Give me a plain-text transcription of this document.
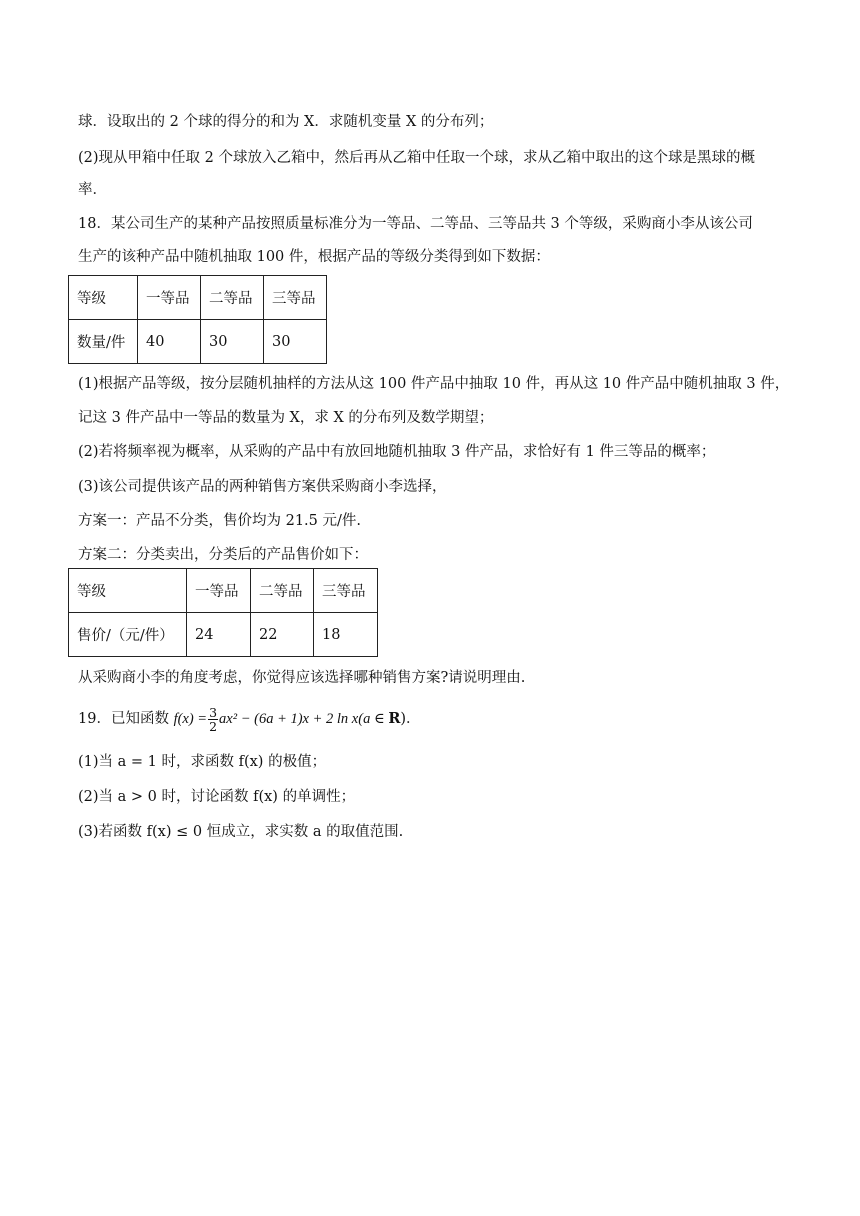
球．设取出的 2 个球的得分的和为 X．求随机变量 X 的分布列；
(2)现从甲箱中任取 2 个球放入乙箱中，然后再从乙箱中任取一个球，求从乙箱中取出的这个球是黑球的概
率．
18．某公司生产的某种产品按照质量标准分为一等品、二等品、三等品共 3 个等级，采购商小李从该公司
生产的该种产品中随机抽取 100 件，根据产品的等级分类得到如下数据：
等级	一等品	二等品	三等品
数量/件	40	30	30
(1)根据产品等级，按分层随机抽样的方法从这 100 件产品中抽取 10 件，再从这 10 件产品中随机抽取 3 件，
记这 3 件产品中一等品的数量为 X，求 X 的分布列及数学期望；
(2)若将频率视为概率，从采购的产品中有放回地随机抽取 3 件产品，求恰好有 1 件三等品的概率；
(3)该公司提供该产品的两种销售方案供采购商小李选择，
方案一：产品不分类，售价均为 21.5 元/件.
方案二：分类卖出，分类后的产品售价如下：
等级	一等品	二等品	三等品
售价/（元/件）	24	22	18
从采购商小李的角度考虑，你觉得应该选择哪种销售方案?请说明理由.
19．已知函数 $f(x) = \frac{3}{2} ax^2 - (6a + 1)x + 2$ ln x(a ∈ R)．
(1)当 a = 1 时，求函数 f(x) 的极值；
(2)当 a > 0 时，讨论函数 f(x) 的单调性；
(3)若函数 f(x) ≤ 0 恒成立，求实数 a 的取值范围.
